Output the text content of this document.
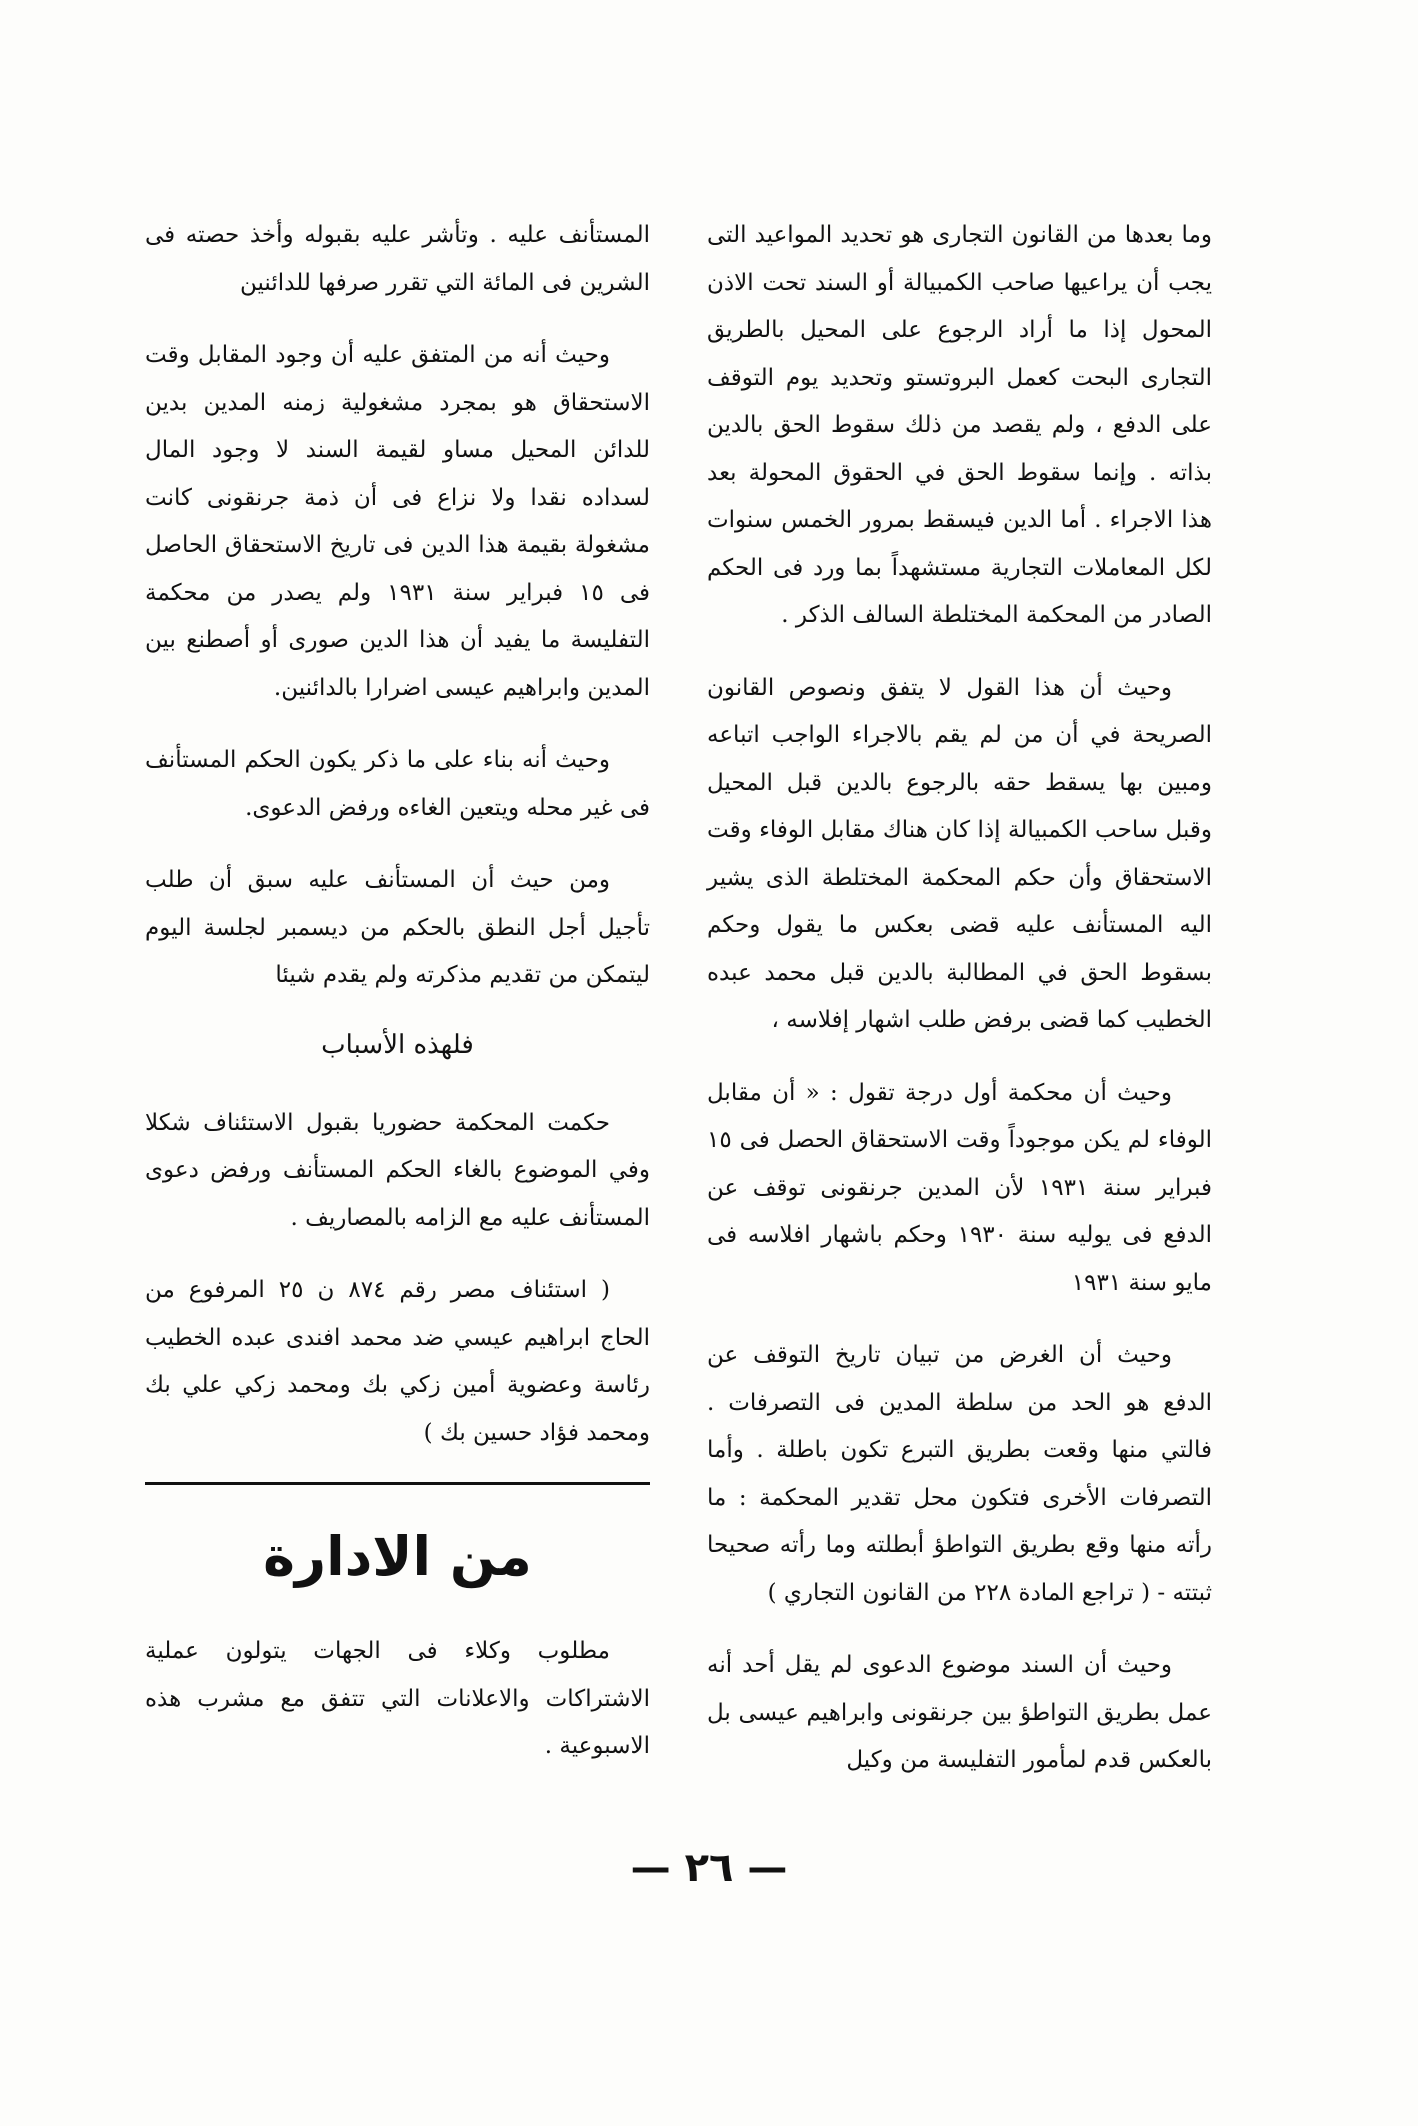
وما بعدها من القانون التجارى هو تحديد المواعيد التى يجب أن يراعيها صاحب الكمبيالة أو السند تحت الاذن المحول إذا ما أراد الرجوع على المحيل بالطريق التجارى البحت كعمل البروتستو وتحديد يوم التوقف على الدفع ، ولم يقصد من ذلك سقوط الحق بالدين بذاته . وإنما سقوط الحق في الحقوق المحولة بعد هذا الاجراء . أما الدين فيسقط بمرور الخمس سنوات لكل المعاملات التجارية مستشهداً بما ورد فى الحكم الصادر من المحكمة المختلطة السالف الذكر .

وحيث أن هذا القول لا يتفق ونصوص القانون الصريحة في أن من لم يقم بالاجراء الواجب اتباعه ومبين بها يسقط حقه بالرجوع بالدين قبل المحيل وقبل ساحب الكمبيالة إذا كان هناك مقابل الوفاء وقت الاستحقاق وأن حكم المحكمة المختلطة الذى يشير اليه المستأنف عليه قضى بعكس ما يقول وحكم بسقوط الحق في المطالبة بالدين قبل محمد عبده الخطيب كما قضى برفض طلب اشهار إفلاسه ،

وحيث أن محكمة أول درجة تقول : « أن مقابل الوفاء لم يكن موجوداً وقت الاستحقاق الحصل فى ١٥ فبراير سنة ١٩٣١ لأن المدين جرنقونى توقف عن الدفع فى يوليه سنة ١٩٣٠ وحكم باشهار افلاسه فى مايو سنة ١٩٣١

وحيث أن الغرض من تبيان تاريخ التوقف عن الدفع هو الحد من سلطة المدين فى التصرفات . فالتي منها وقعت بطريق التبرع تكون باطلة . وأما التصرفات الأخرى فتكون محل تقدير المحكمة : ما رأته منها وقع بطريق التواطؤ أبطلته وما رأته صحيحا ثبتته - ( تراجع المادة ٢٢٨ من القانون التجاري )

وحيث أن السند موضوع الدعوى لم يقل أحد أنه عمل بطريق التواطؤ بين جرنقونى وابراهيم عيسى بل بالعكس قدم لمأمور التفليسة من وكيل

المستأنف عليه . وتأشر عليه بقبوله وأخذ حصته فى الشرين فى المائة التي تقرر صرفها للدائنين

وحيث أنه من المتفق عليه أن وجود المقابل وقت الاستحقاق هو بمجرد مشغولية زمنه المدين بدين للدائن المحيل مساو لقيمة السند لا وجود المال لسداده نقدا ولا نزاع فى أن ذمة جرنقونى كانت مشغولة بقيمة هذا الدين فى تاريخ الاستحقاق الحاصل فى ١٥ فبراير سنة ١٩٣١ ولم يصدر من محكمة التفليسة ما يفيد أن هذا الدين صورى أو أصطنع بين المدين وابراهيم عيسى اضرارا بالدائنين.

وحيث أنه بناء على ما ذكر يكون الحكم المستأنف فى غير محله ويتعين الغاءه ورفض الدعوى.

ومن حيث أن المستأنف عليه سبق أن طلب تأجيل أجل النطق بالحكم من ديسمبر لجلسة اليوم ليتمكن من تقديم مذكرته ولم يقدم شيئا

فلهذه الأسباب

حكمت المحكمة حضوريا بقبول الاستئناف شكلا وفي الموضوع بالغاء الحكم المستأنف ورفض دعوى المستأنف عليه مع الزامه بالمصاريف .

( استئناف مصر رقم ٨٧٤ ن ٢٥ المرفوع من الحاج ابراهيم عيسي ضد محمد افندى عبده الخطيب رئاسة وعضوية أمين زكي بك ومحمد زكي علي بك ومحمد فؤاد حسين بك )

من الادارة

مطلوب وكلاء فى الجهات يتولون عملية الاشتراكات والاعلانات التي تتفق مع مشرب هذه الاسبوعية .

— ٢٦ —
